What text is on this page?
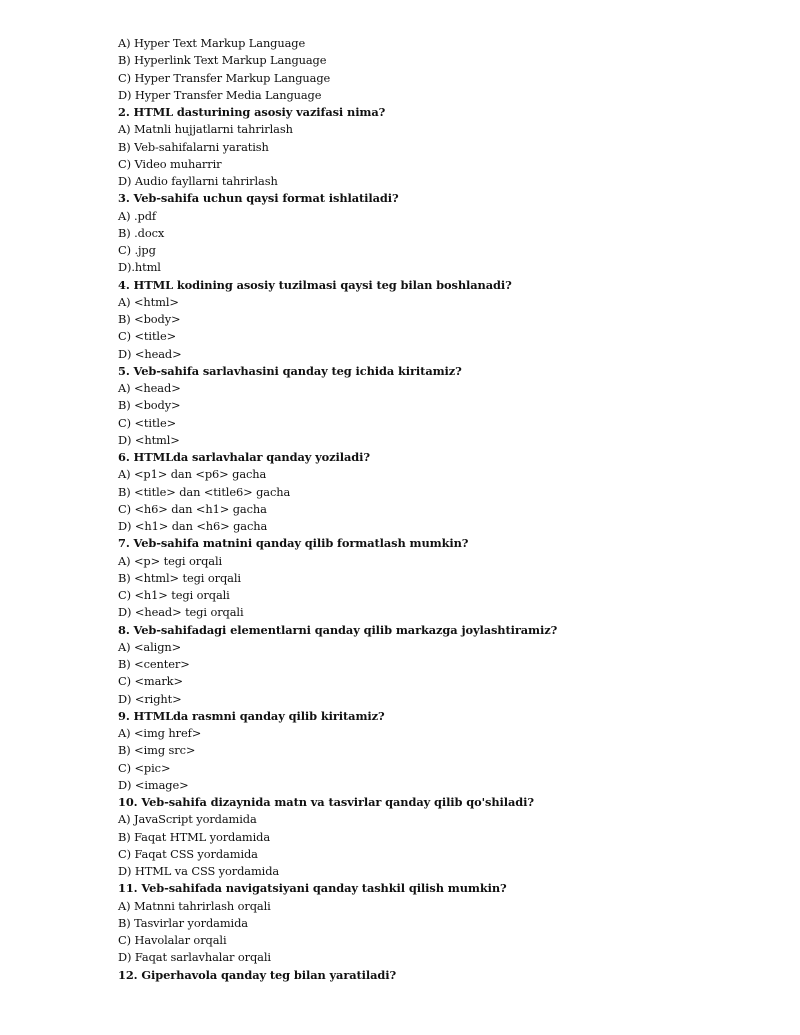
A) Hyper Text Markup Language
B) Hyperlink Text Markup Language
C) Hyper Transfer Markup Language
D) Hyper Transfer Media Language
2. HTML dasturining asosiy vazifasi nima?
A) Matnli hujjatlarni tahrirlash
B) Veb-sahifalarni yaratish
C) Video muharrir
D) Audio fayllarni tahrirlash
3. Veb-sahifa uchun qaysi format ishlatiladi?
A) .pdf
B) .docx
C) .jpg
D).html
4. HTML kodining asosiy tuzilmasi qaysi teg bilan boshlanadi?
A) <html>
B) <body>
C) <title>
D) <head>
5. Veb-sahifa sarlavhasini qanday teg ichida kiritamiz?
A) <head>
B) <body>
C) <title>
D) <html>
6. HTMLda sarlavhalar qanday yoziladi?
A) <p1> dan <p6> gacha
B) <title> dan <title6> gacha
C) <h6> dan <h1> gacha
D) <h1> dan <h6> gacha
7. Veb-sahifa matnini qanday qilib formatlash mumkin?
A) <p> tegi orqali
B) <html> tegi orqali
C) <h1> tegi orqali
D) <head> tegi orqali
8. Veb-sahifadagi elementlarni qanday qilib markazga joylashtiramiz?
A) <align>
B) <center>
C) <mark>
D) <right>
9. HTMLda rasmni qanday qilib kiritamiz?
A) <img href>
B) <img src>
C) <pic>
D) <image>
10. Veb-sahifa dizaynida matn va tasvirlar qanday qilib qo'shiladi?
A) JavaScript yordamida
B) Faqat HTML yordamida
C) Faqat CSS yordamida
D) HTML va CSS yordamida
11. Veb-sahifada navigatsiyani qanday tashkil qilish mumkin?
A) Matnni tahrirlash orqali
B) Tasvirlar yordamida
C) Havolalar orqali
D) Faqat sarlavhalar orqali
12. Giperhavola qanday teg bilan yaratiladi?
